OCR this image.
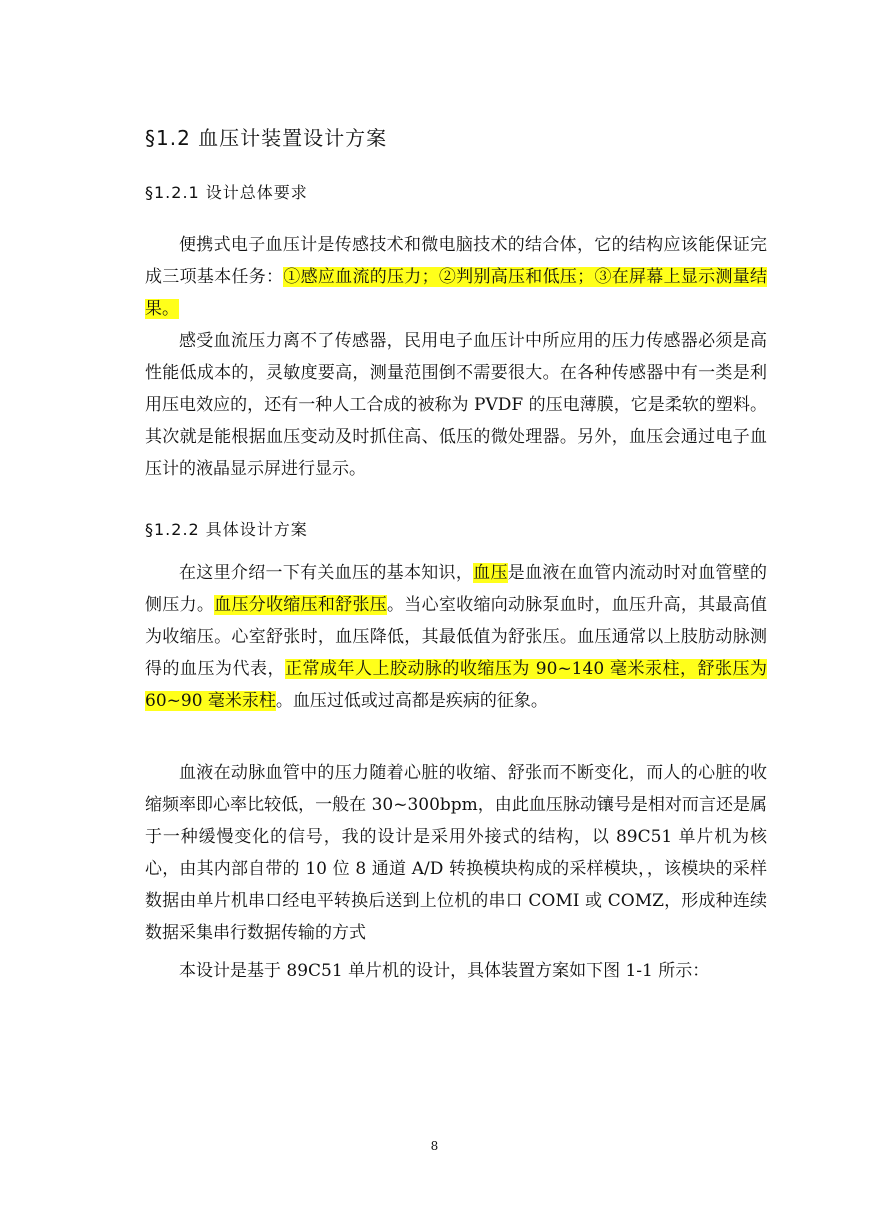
§1.2 血压计装置设计方案
§1.2.1 设计总体要求

便携式电子血压计是传感技术和微电脑技术的结合体，它的结构应该能保证完成三项基本任务：①感应血流的压力；②判别高压和低压；③在屏幕上显示测量结果。

感受血流压力离不了传感器，民用电子血压计中所应用的压力传感器必须是高性能低成本的，灵敏度要高，测量范围倒不需要很大。在各种传感器中有一类是利用压电效应的，还有一种人工合成的被称为 PVDF 的压电薄膜，它是柔软的塑料。其次就是能根据血压变动及时抓住高、低压的微处理器。另外，血压会通过电子血压计的液晶显示屏进行显示。

§1.2.2 具体设计方案

在这里介绍一下有关血压的基本知识，血压是血液在血管内流动时对血管壁的侧压力。血压分收缩压和舒张压。当心室收缩向动脉泵血时，血压升高，其最高值为收缩压。心室舒张时，血压降低，其最低值为舒张压。血压通常以上肢肪动脉测得的血压为代表，正常成年人上胶动脉的收缩压为 90~140 毫米汞柱，舒张压为 60~90 毫米汞柱。血压过低或过高都是疾病的征象。

血液在动脉血管中的压力随着心脏的收缩、舒张而不断变化，而人的心脏的收缩频率即心率比较低，一般在 30~300bpm，由此血压脉动镶号是相对而言还是属于一种缓慢变化的信号，我的设计是采用外接式的结构，以 89C51 单片机为核心，由其内部自带的 10 位 8 通道 A/D 转换模块构成的采样模块，，该模块的采样数据由单片机串口经电平转换后送到上位机的串口 COMI 或 COMZ，形成种连续数据采集串行数据传输的方式

本设计是基于 89C51 单片机的设计，具体装置方案如下图 1-1 所示：

8
